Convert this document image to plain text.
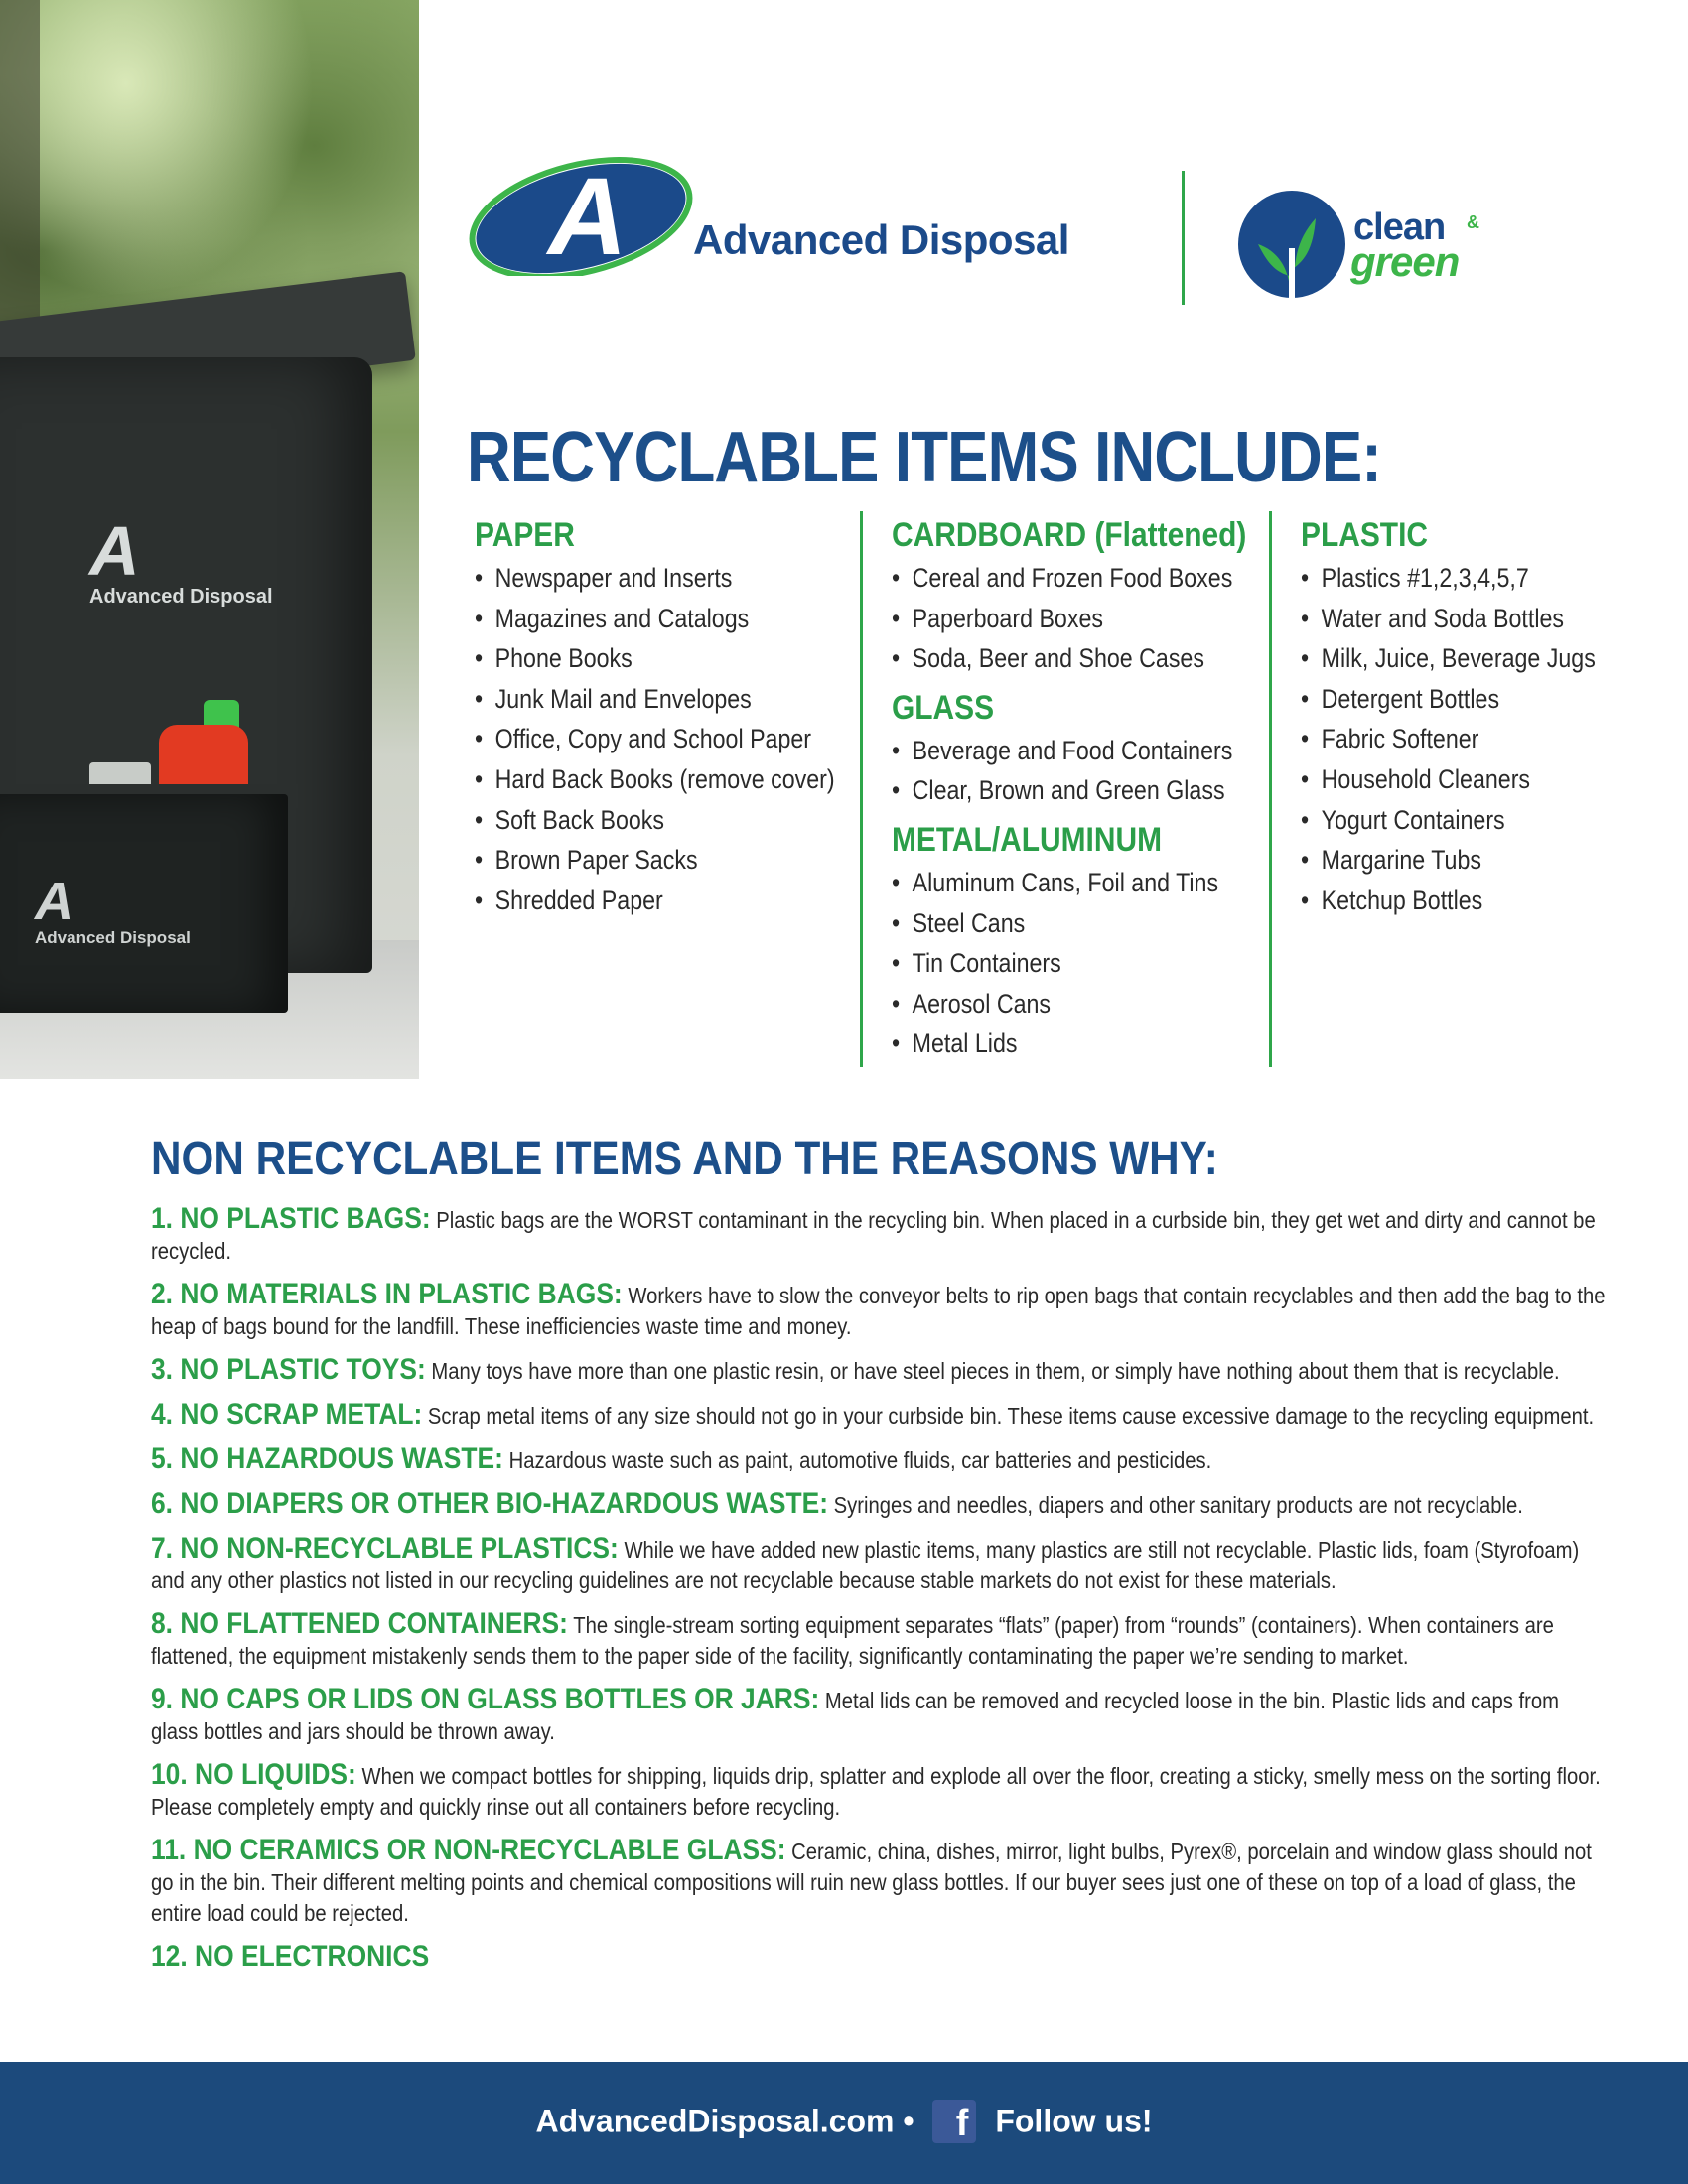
A
Advanced Disposal
A
Advanced Disposal
A Advanced Disposal	clean &
green
RECYCLABLE ITEMS INCLUDE:
PAPER
• Newspaper and Inserts
• Magazines and Catalogs
• Phone Books
• Junk Mail and Envelopes
• Office, Copy and School Paper
• Hard Back Books (remove cover)
• Soft Back Books
• Brown Paper Sacks
• Shredded Paper
CARDBOARD (Flattened)
• Cereal and Frozen Food Boxes
• Paperboard Boxes
• Soda, Beer and Shoe Cases
GLASS
• Beverage and Food Containers
• Clear, Brown and Green Glass
METAL/ALUMINUM
• Aluminum Cans, Foil and Tins
• Steel Cans
• Tin Containers
• Aerosol Cans
• Metal Lids
PLASTIC
• Plastics #1,2,3,4,5,7
• Water and Soda Bottles
• Milk, Juice, Beverage Jugs
• Detergent Bottles
• Fabric Softener
• Household Cleaners
• Yogurt Containers
• Margarine Tubs
• Ketchup Bottles
NON RECYCLABLE ITEMS AND THE REASONS WHY:

1. NO PLASTIC BAGS: Plastic bags are the WORST contaminant in the recycling bin. When placed in a curbside bin, they get wet and dirty and cannot be recycled.

2. NO MATERIALS IN PLASTIC BAGS: Workers have to slow the conveyor belts to rip open bags that contain recyclables and then add the bag to the heap of bags bound for the landfill. These inefficiencies waste time and money.

3. NO PLASTIC TOYS: Many toys have more than one plastic resin, or have steel pieces in them, or simply have nothing about them that is recyclable.

4. NO SCRAP METAL: Scrap metal items of any size should not go in your curbside bin. These items cause excessive damage to the recycling equipment.

5. NO HAZARDOUS WASTE: Hazardous waste such as paint, automotive fluids, car batteries and pesticides.

6. NO DIAPERS OR OTHER BIO-HAZARDOUS WASTE: Syringes and needles, diapers and other sanitary products are not recyclable.

7. NO NON-RECYCLABLE PLASTICS: While we have added new plastic items, many plastics are still not recyclable. Plastic lids, foam (Styrofoam) and any other plastics not listed in our recycling guidelines are not recyclable because stable markets do not exist for these materials.

8. NO FLATTENED CONTAINERS: The single-stream sorting equipment separates “flats” (paper) from “rounds” (containers). When containers are flattened, the equipment mistakenly sends them to the paper side of the facility, significantly contaminating the paper we’re sending to market.

9. NO CAPS OR LIDS ON GLASS BOTTLES OR JARS: Metal lids can be removed and recycled loose in the bin. Plastic lids and caps from glass bottles and jars should be thrown away.

10. NO LIQUIDS: When we compact bottles for shipping, liquids drip, splatter and explode all over the floor, creating a sticky, smelly mess on the sorting floor. Please completely empty and quickly rinse out all containers before recycling.

11. NO CERAMICS OR NON-RECYCLABLE GLASS: Ceramic, china, dishes, mirror, light bulbs, Pyrex®, porcelain and window glass should not go in the bin. Their different melting points and chemical compositions will ruin new glass bottles. If our buyer sees just one of these on top of a load of glass, the entire load could be rejected.

12. NO ELECTRONICS

AdvancedDisposal.com • f Follow us!
